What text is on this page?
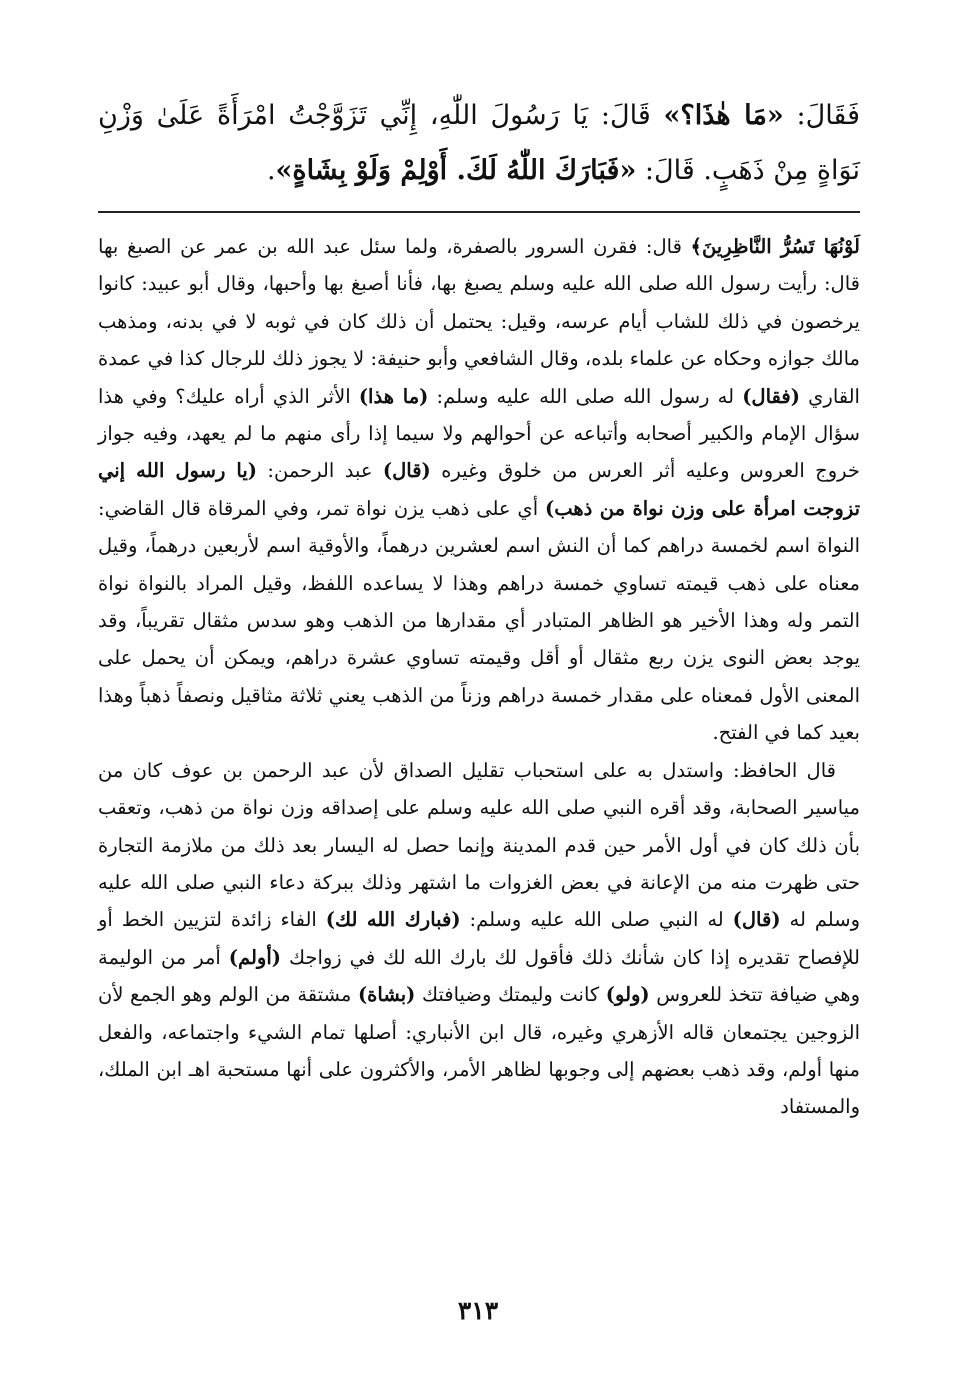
فَقَالَ: «مَا هٰذَا؟» قَالَ: يَا رَسُولَ اللّٰهِ، إِنِّي تَزَوَّجْتُ امْرَأَةً عَلَىٰ وَزْنِ نَوَاةٍ مِنْ ذَهَبٍ. قَالَ: «فَبَارَكَ اللّٰهُ لَكَ. أَوْلِمْ وَلَوْ بِشَاةٍ».

لَوْنُهَا تَسُرُّ النَّاظِرِينَ﴾ قال: فقرن السرور بالصفرة، ولما سئل عبد الله بن عمر عن الصبغ بها قال: رأيت رسول الله صلى الله عليه وسلم يصبغ بها، فأنا أصبغ بها وأحبها، وقال أبو عبيد: كانوا يرخصون في ذلك للشاب أيام عرسه، وقيل: يحتمل أن ذلك كان في ثوبه لا في بدنه، ومذهب مالك جوازه وحكاه عن علماء بلده، وقال الشافعي وأبو حنيفة: لا يجوز ذلك للرجال كذا في عمدة القاري (فقال) له رسول الله صلى الله عليه وسلم: (ما هذا) الأثر الذي أراه عليك؟ وفي هذا سؤال الإمام والكبير أصحابه وأتباعه عن أحوالهم ولا سيما إذا رأى منهم ما لم يعهد، وفيه جواز خروج العروس وعليه أثر العرس من خلوق وغيره (قال) عبد الرحمن: (يا رسول الله إني تزوجت امرأة على وزن نواة من ذهب) أي على ذهب يزن نواة تمر، وفي المرقاة قال القاضي: النواة اسم لخمسة دراهم كما أن النش اسم لعشرين درهماً، والأوقية اسم لأربعين درهماً، وقيل معناه على ذهب قيمته تساوي خمسة دراهم وهذا لا يساعده اللفظ، وقيل المراد بالنواة نواة التمر وله وهذا الأخير هو الظاهر المتبادر أي مقدارها من الذهب وهو سدس مثقال تقريباً، وقد يوجد بعض النوى يزن ربع مثقال أو أقل وقيمته تساوي عشرة دراهم، ويمكن أن يحمل على المعنى الأول فمعناه على مقدار خمسة دراهم وزناً من الذهب يعني ثلاثة مثاقيل ونصفاً ذهباً وهذا بعيد كما في الفتح.

قال الحافظ: واستدل به على استحباب تقليل الصداق لأن عبد الرحمن بن عوف كان من مياسير الصحابة، وقد أقره النبي صلى الله عليه وسلم على إصداقه وزن نواة من ذهب، وتعقب بأن ذلك كان في أول الأمر حين قدم المدينة وإنما حصل له اليسار بعد ذلك من ملازمة التجارة حتى ظهرت منه من الإعانة في بعض الغزوات ما اشتهر وذلك ببركة دعاء النبي صلى الله عليه وسلم له (قال) له النبي صلى الله عليه وسلم: (فبارك الله لك) الفاء زائدة لتزيين الخط أو للإفصاح تقديره إذا كان شأنك ذلك فأقول لك بارك الله لك في زواجك (أولم) أمر من الوليمة وهي ضيافة تتخذ للعروس (ولو) كانت وليمتك وضيافتك (بشاة) مشتقة من الولم وهو الجمع لأن الزوجين يجتمعان قاله الأزهري وغيره، قال ابن الأنباري: أصلها تمام الشيء واجتماعه، والفعل منها أولم، وقد ذهب بعضهم إلى وجوبها لظاهر الأمر، والأكثرون على أنها مستحبة اهـ ابن الملك، والمستفاد

٣١٣
